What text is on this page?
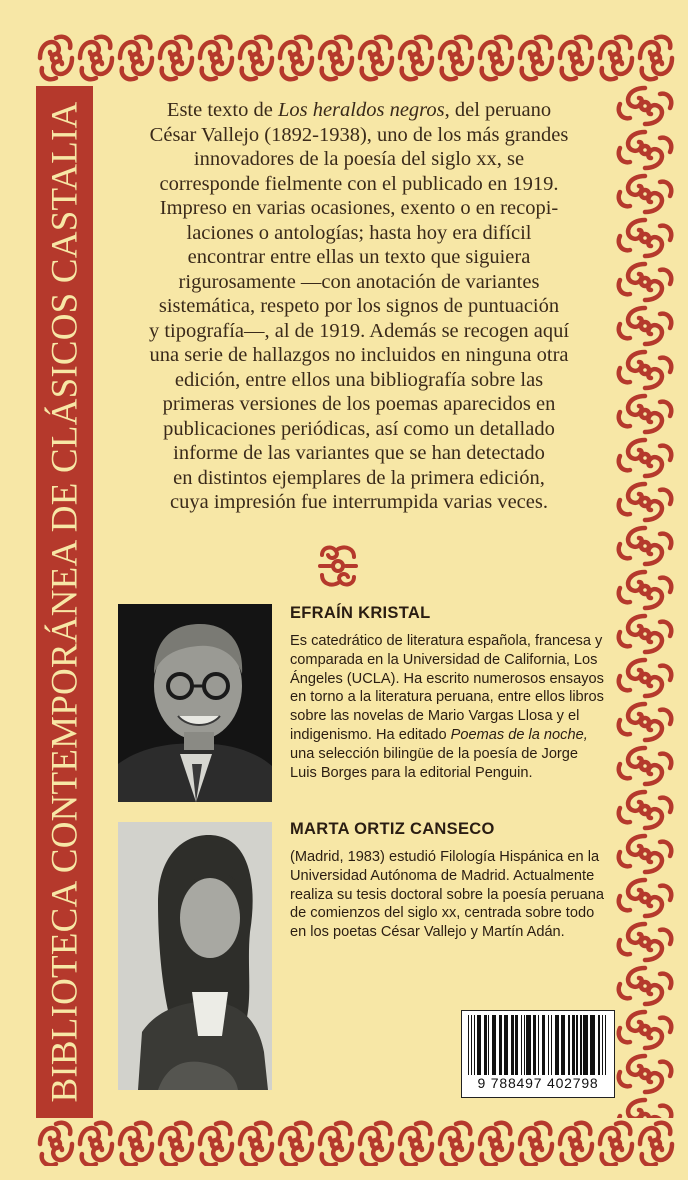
BIBLIOTECA CONTEMPORÁNEA DE CLÁSICOS CASTALIA	Este texto de Los heraldos negros, del peruano

César Vallejo (1892-1938), uno de los más grandes

innovadores de la poesía del siglo xx, se

corresponde fielmente con el publicado en 1919.

Impreso en varias ocasiones, exento o en recopi-

laciones o antologías; hasta hoy era difícil

encontrar entre ellas un texto que siguiera

rigurosamente —con anotación de variantes

sistemática, respeto por los signos de puntuación

y tipografía—, al de 1919. Además se recogen aquí

una serie de hallazgos no incluidos en ninguna otra

edición, entre ellos una bibliografía sobre las

primeras versiones de los poemas aparecidos en

publicaciones periódicas, así como un detallado

informe de las variantes que se han detectado

en distintos ejemplares de la primera edición,

cuya impresión fue interrumpida varias veces.

EFRAÍN KRISTAL
Es catedrático de literatura española, francesa y
comparada en la Universidad de California, Los
Ángeles (UCLA). Ha escrito numerosos ensayos
en torno a la literatura peruana, entre ellos libros
sobre las novelas de Mario Vargas Llosa y el
indigenismo. Ha editado Poemas de la noche,
una selección bilingüe de la poesía de Jorge
Luis Borges para la editorial Penguin.
MARTA ORTIZ CANSECO
(Madrid, 1983) estudió Filología Hispánica en la
Universidad Autónoma de Madrid. Actualmente
realiza su tesis doctoral sobre la poesía peruana
de comienzos del siglo xx, centrada sobre todo
en los poetas César Vallejo y Martín Adán.
9 788497 402798
